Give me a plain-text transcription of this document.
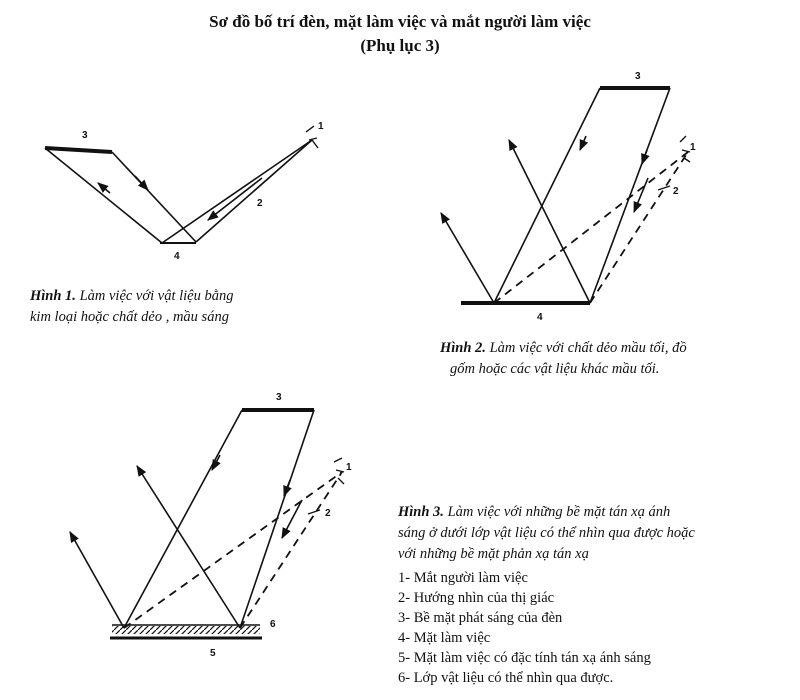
Sơ đồ bố trí đèn, mặt làm việc và mắt người làm việc
(Phụ lục 3)
3
4
2
1
3
4
2
1
3
5
6
2
1
Hình 1. Làm việc với vật liệu bằng
kim loại hoặc chất dẻo , mầu sáng
Hình 2. Làm việc với chất dẻo mầu tối, đồ
gốm hoặc các vật liệu khác mầu tối.
Hình 3. Làm việc với những bề mặt tán xạ ánh
sáng ở dưới lớp vật liệu có thể nhìn qua được hoặc
với những bề mặt phản xạ tán xạ
1- Mắt người làm việc
2- Hướng nhìn của thị giác
3- Bề mặt phát sáng của đèn
4- Mặt làm việc
5- Mặt làm việc có đặc tính tán xạ ánh sáng
6- Lớp vật liệu có thể nhìn qua được.
